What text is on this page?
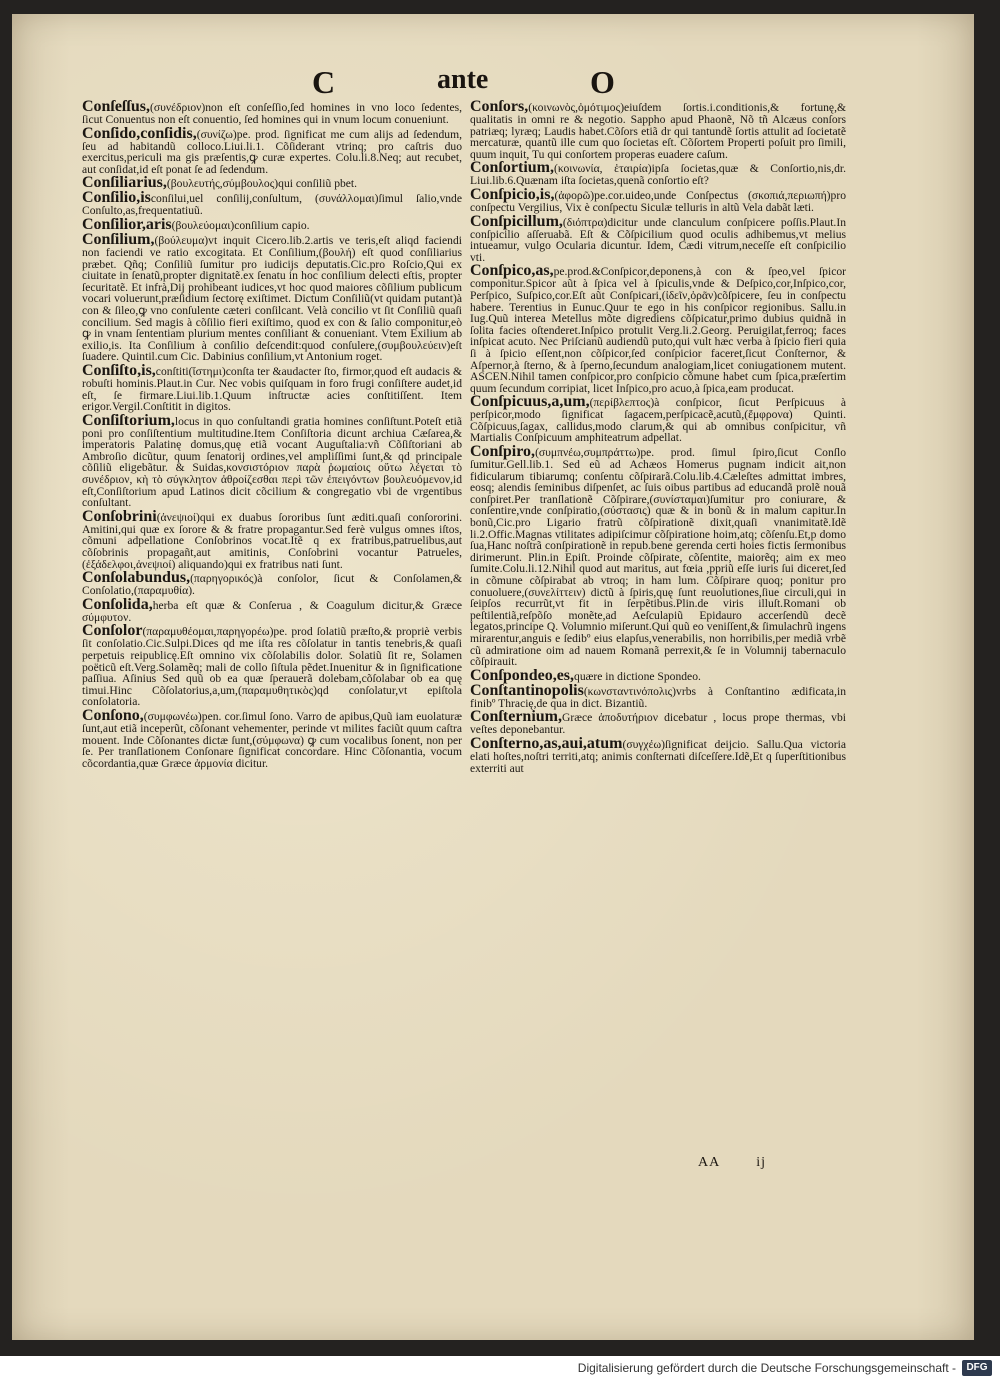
C	ante	O
Conſeſſus,(συνέδριον)non eſt conſeſſio,ſed homines in vno loco ſedentes, ſicut Conuentus non eſt conuentio, ſed homines qui in vnum locum conueniunt.
Conſido,conſidis,(συνίζω)pe. prod. ſignificat me cum alijs ad ſedendum, ſeu ad habitandũ colloco.Liui.li.1. Cõſiderant vtrinq; pro caſtris duo exercitus,periculi ma gis præſentis,ꝙ curæ expertes. Colu.li.8.Neq; aut recubet, aut conſidat,id eſt ponat ſe ad ſedendum.
Conſiliarius,(βουλευτής,σύμβουλος)qui conſiliũ pbet.
Conſilio,isconſilui,uel conſilij,conſultum, (συνάλλομαι)ſimul ſalio,vnde Conſulto,as,frequentatiuũ.
Conſilior,aris(βουλεύομαι)conſilium capio.
Conſilium,(βούλευμα)vt inquit Cicero.lib.2.artis ve teris,eſt aliqd faciendi non faciendi ve ratio excogitata. Et Conſilium,(βουλή) eſt quod conſiliarius præbet. Qñq; Conſiliũ ſumitur pro iudicijs deputatis.Cic.pro Roſcio,Qui ex ciuitate in ſenatũ,propter dignitatẽ.ex ſenatu in hoc conſilium delecti eſtis, propter ſecuritatẽ. Et infrà,Dij prohibeant iudices,vt hoc quod maiores cõſilium publicum vocari voluerunt,præſidium ſectorę exiſtimet. Dictum Conſiliũ(vt quidam putant)à con & ſileo,ꝙ vno conſulente cæteri conſilcant. Velà concilio vt ſit Conſiliũ quaſi concilium. Sed magis à cõſilio fieri exiſtimo, quod ex con & ſalio componitur,eò ꝙ in vnam ſententiam plurium mentes conſiliant & conueniant. Vtem Exilium ab exilio,is. Ita Conſilium à conſilio deſcendit:quod conſulere,(συμβουλεύειν)eſt ſuadere. Quintil.cum Cic. Dabinius conſilium,vt Antonium roget.
Conſiſto,is,conſtiti(ἵστημι)conſta ter &audacter ſto, firmor,quod eſt audacis & robuſti hominis.Plaut.in Cur. Nec vobis quiſquam in foro frugi conſiſtere audet,id eſt, ſe firmare.Liui.lib.1.Quum inſtructæ acies conſtitiſſent. Item erigor.Vergil.Conſtitit in digitos.
Conſiſtorium,locus in quo conſultandi gratia homines conſiſtunt.Poteſt etiã poni pro conſiſtentium multitudine.Item Conſiſtoria dicunt archiua Cæſarea,& imperatoris Palatinę domus,quę etiã vocant Auguſtalia:vñ Cõſiſtoriani ab Ambroſio dicũtur, quum ſenatorij ordines,vel ampliſſimi ſunt,& qd principale cõſiliũ eligebãtur. & Suidas,κονσιστόριον παρὰ ῥωμαίοις οὕτω λέγεται τὸ συνέδριον, κὴ τὸ σύγκλητον ἀθροίζεσθαι περὶ τῶν ἐπειγόντων βουλευόμενον,id eſt,Conſiſtorium apud Latinos dicit cõcilium & congregatio vbi de vrgentibus conſultant.
Conſobrini(ἀνεψιοί)qui ex duabus ſororibus ſunt æditi.quaſi conſororini. Amitini,qui quæ ex ſorore & & fratre propagantur.Sed ferè vulgus omnes iſtos, cõmuni adpellatione Conſobrinos vocat.Itẽ q ex fratribus,patruelibus,aut cõſobrinis propagañt,aut amitinis, Conſobrini vocantur Patrueles,(ἐξάδελφοι,ἀνεψιοί) aliquando)qui ex fratribus nati ſunt.
Conſolabundus,(παρηγορικός)à conſolor, ſicut & Conſolamen,& Conſolatio,(παραμυθία).
Conſolida,herba eſt quæ & Conſerua , & Coagulum dicitur,& Græce σύμφυτον.
Conſolor(παραμυθέομαι,παρηγορέω)pe. prod ſolatiũ præſto,& propriè verbis ſit conſolatio.Cic.Sulpi.Dices qd me iſta res cõſolatur in tantis tenebris,& quaſi perpetuis reipublicę.Eſt omnino vix cõſolabilis dolor. Solatiũ ſit re, Solamen poëticũ eſt.Verg.Solamẽq; mali de collo ſiſtula pẽdet.Inuenitur & in ſignificatione paſſiua. Aſinius Sed quũ ob ea quæ ſperauerã dolebam,cõſolabar ob ea quę timui.Hinc Cõſolatorius,a,um,(παραμυθητικὸς)qd conſolatur,vt epiſtola conſolatoria.
Conſono,(συμφωνέω)pen. cor.ſimul ſono. Varro de apibus,Quũ iam euolaturæ ſunt,aut etiã inceperũt, cõſonant vehementer, perinde vt milites faciũt quum caſtra mouent. Inde Cõſonantes dictæ ſunt,(σύμφωνα) ꝙ cum vocalibus ſonent, non per ſe. Per tranſlationem Conſonare ſignificat concordare. Hinc Cõſonantia, vocum cõcordantia,quæ Græce ἁρμονία dicitur.
Conſors,(κοινωνὸς,ὁμότιμος)eiuſdem ſortis.i.conditionis,& fortunę,& qualitatis in omni re & negotio. Sappho apud Phaonẽ, Nõ tñ Alcæus conſors patriæq; lyræq; Laudis habet.Cõſors etiã dr qui tantundẽ ſortis attulit ad ſocietatẽ mercaturæ, quantũ ille cum quo ſocietas eſt. Cõſortem Properti poſuit pro ſimili, quum inquit, Tu qui conſortem properas euadere caſum.
Conſortium,(κοινωνία, ἑταιρία)ipſa ſocietas,quæ & Conſortio,nis,dr. Liui.lib.6.Quænam iſta ſocietas,quenã conſortio eſt?
Conſpicio,is,(ἀφορῶ)pe.cor.uideo,unde Conſpectus (σκοπιά,περιωπή)pro conſpectu Vergilius, Vix è conſpectu Siculæ telluris in altũ Vela dabãt læti.
Conſpicillum,(διόπτρα)dicitur unde clanculum conſpicere poſſis.Plaut.In conſpicilio aſſeruabã. Eſt & Cõſpicilium quod oculis adhibemus,vt melius intueamur, vulgo Ocularia dicuntur. Idem, Cædi vitrum,neceſſe eſt conſpicilio vti.
Conſpico,as,pe.prod.&Conſpicor,deponens,à con & ſpeo,vel ſpicor componitur.Spicor aũt à ſpica vel à ſpiculis,vnde & Deſpico,cor,Inſpico,cor, Perſpico, Suſpico,cor.Eſt aũt Conſpicari,(ἰδεῖν,ὁρᾶν)cõſpicere, ſeu in conſpectu habere. Terentius in Eunuc.Quur te ego in his conſpicor regionibus. Sallu.in Iug.Quũ interea Metellus mõte digrediens cõſpicatur,primo dubius quidnã in ſolita facies oſtenderet.Inſpico protulit Verg.li.2.Georg. Peruigilat,ferroq; faces inſpicat acuto. Nec Priſcianũ audiendũ puto,qui vult hæc verba à ſpicio fieri quia ſi à ſpicio eſſent,non cõſpicor,ſed conſpicior faceret,ſicut Conſternor, & Aſpernor,à ſterno, & à ſperno,ſecundum analogiam,licet coniugationem mutent. ASCEN.Nihil tamen conſpicor,pro conſpicio cõmune habet cum ſpica,præſertim quum ſecundum corripiat, licet Inſpico,pro acuo,à ſpica,eam producat.
Conſpicuus,a,um,(περίβλεπτος)à conſpicor, ſicut Perſpicuus à perſpicor,modo ſignificat ſagacem,perſpicacẽ,acutũ,(ἔμφρονα) Quinti. Cõſpicuus,ſagax, callidus,modo clarum,& qui ab omnibus conſpicitur, vñ Martialis Conſpicuum amphiteatrum adpellat.
Conſpiro,(συμπνέω,συμπράττω)pe. prod. ſimul ſpiro,ſicut Conſlo ſumitur.Gell.lib.1. Sed eũ ad Achæos Homerus pugnam indicit ait,non fidicularum tibiarumq; conſentu cõſpirarã.Colu.lib.4.Cæleſtes admittat imbres, eosq; alendis ſeminibus diſpenſet, ac ſuis oibus partibus ad educandã prolẽ nouã conſpiret.Per tranſlationẽ Cõſpirare,(συνίσταμαι)ſumitur pro coniurare, & conſentire,vnde conſpiratio,(σύστασις) quæ & in bonũ & in malum capitur.In bonũ,Cic.pro Ligario fratrũ cõſpirationẽ dixit,quaſi vnanimitatẽ.Idẽ li.2.Offic.Magnas vtilitates adipiſcimur cõſpiratione hoim,atq; cõſenſu.Et,p domo ſua,Hanc noſtrã conſpirationẽ in repub.bene gerenda certi hoies fictis ſermonibus dirimerunt. Plin.in Epiſt. Proinde cõſpirate, cõſentite, maiorẽq; aim ex meo ſumite.Colu.li.12.Nihil quod aut maritus, aut fœia ,ppriũ eſſe iuris ſui diceret,ſed in cõmune cõſpirabat ab vtroq; in ham lum. Cõſpirare quoq; ponitur pro conuoluere,(συνελίττειν) dictũ à ſpiris,quę ſunt reuolutiones,ſiue circuli,qui in ſeipſos recurrũt,vt fit in ſerpẽtibus.Plin.de viris illuſt.Romani ob peſtilentiã,reſpõſo monẽte,ad Aeſculapiũ Epidauro accerſendũ decẽ legatos,principe Q. Volumnio miſerunt.Qui quũ eo veniſſent,& ſimulachrũ ingens mirarentur,anguis e ſedibº eius elapſus,venerabilis, non horribilis,per mediã vrbẽ cũ admiratione oim ad nauem Romanã perrexit,& ſe in Volumnij tabernaculo cõſpirauit.
Conſpondeo,es,quære in dictione Spondeo.
Conſtantinopolis(κωνσταντινόπολις)vrbs à Conſtantino ædificata,in finibº Thracię,de qua in dict. Bizantiũ.
Conſternium,Græce ἀποδυτήριον dicebatur , locus prope thermas, vbi veſtes deponebantur.
Conſterno,as,aui,atum(συγχέω)ſignificat deijcio. Sallu.Qua victoria elati hoſtes,noſtri territi,atq; animis conſternati diſceſſere.Idẽ,Et q ſuperſtitionibus exterriti aut
AA	ij
Digitalisierung gefördert durch die Deutsche Forschungsgemeinschaft -	DFG
